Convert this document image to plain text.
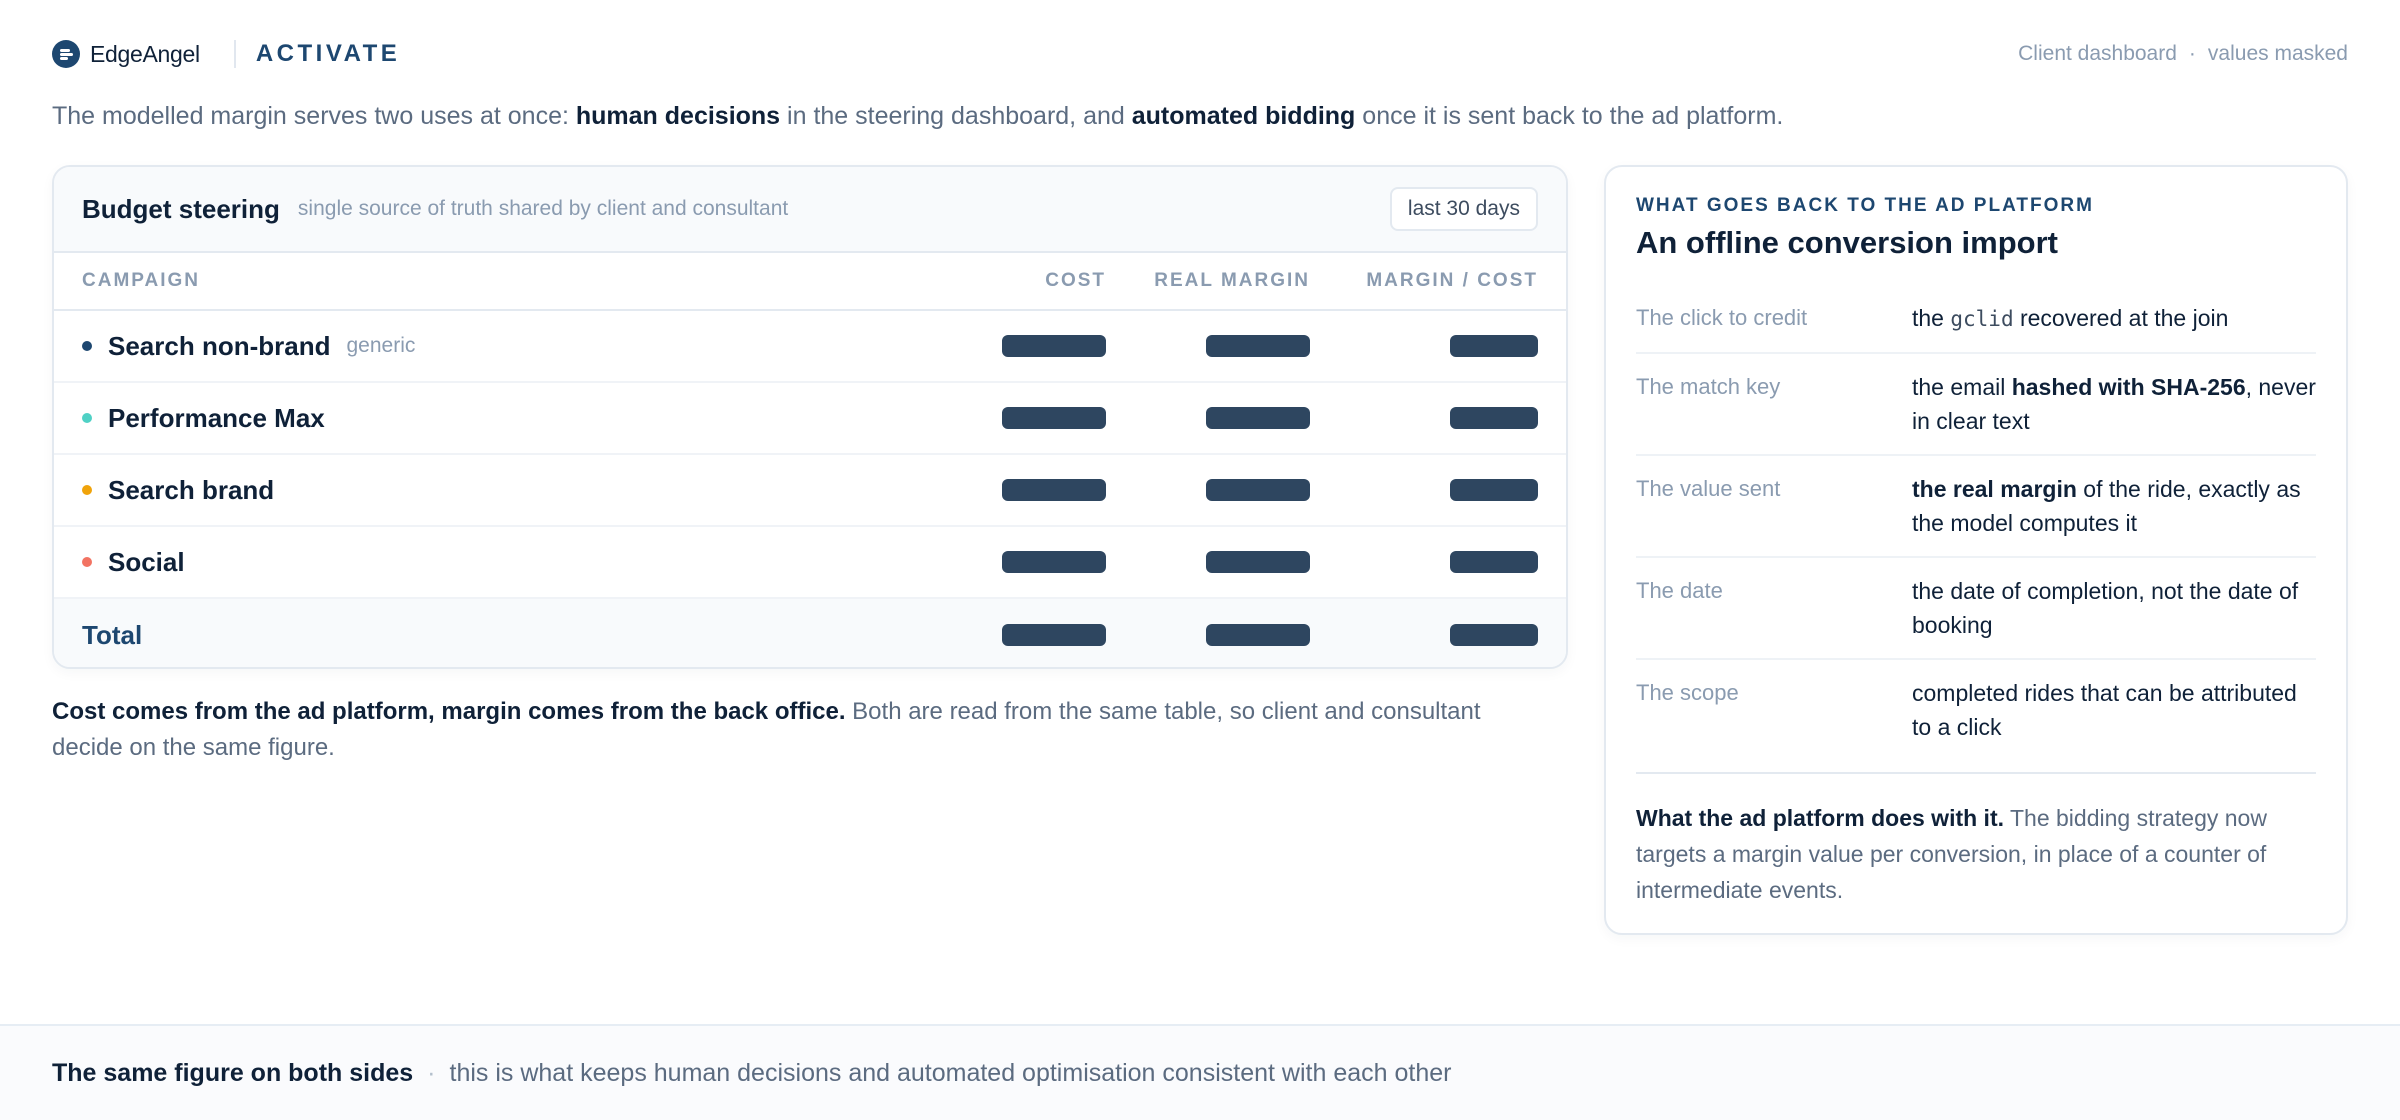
EdgeAngel ACTIVATE	Client dashboard · values masked

The modelled margin serves two uses at once: human decisions in the steering dashboard, and automated bidding once it is sent back to the ad platform.

Budget steering single source of truth shared by client and consultant	last 30 days
CAMPAIGN	COST	REAL MARGIN	MARGIN / COST
Search non-brand generic
Performance Max
Search brand
Social
Total

Cost comes from the ad platform, margin comes from the back office. Both are read from the same table, so client and consultant decide on the same figure.

WHAT GOES BACK TO THE AD PLATFORM
An offline conversion import
The click to credit	the gclid recovered at the join
The match key	the email hashed with SHA-256, never in clear text
The value sent	the real margin of the ride, exactly as the model computes it
The date	the date of completion, not the date of booking
The scope	completed rides that can be attributed to a click

What the ad platform does with it. The bidding strategy now targets a margin value per conversion, in place of a counter of intermediate events.

The same figure on both sides · this is what keeps human decisions and automated optimisation consistent with each other
